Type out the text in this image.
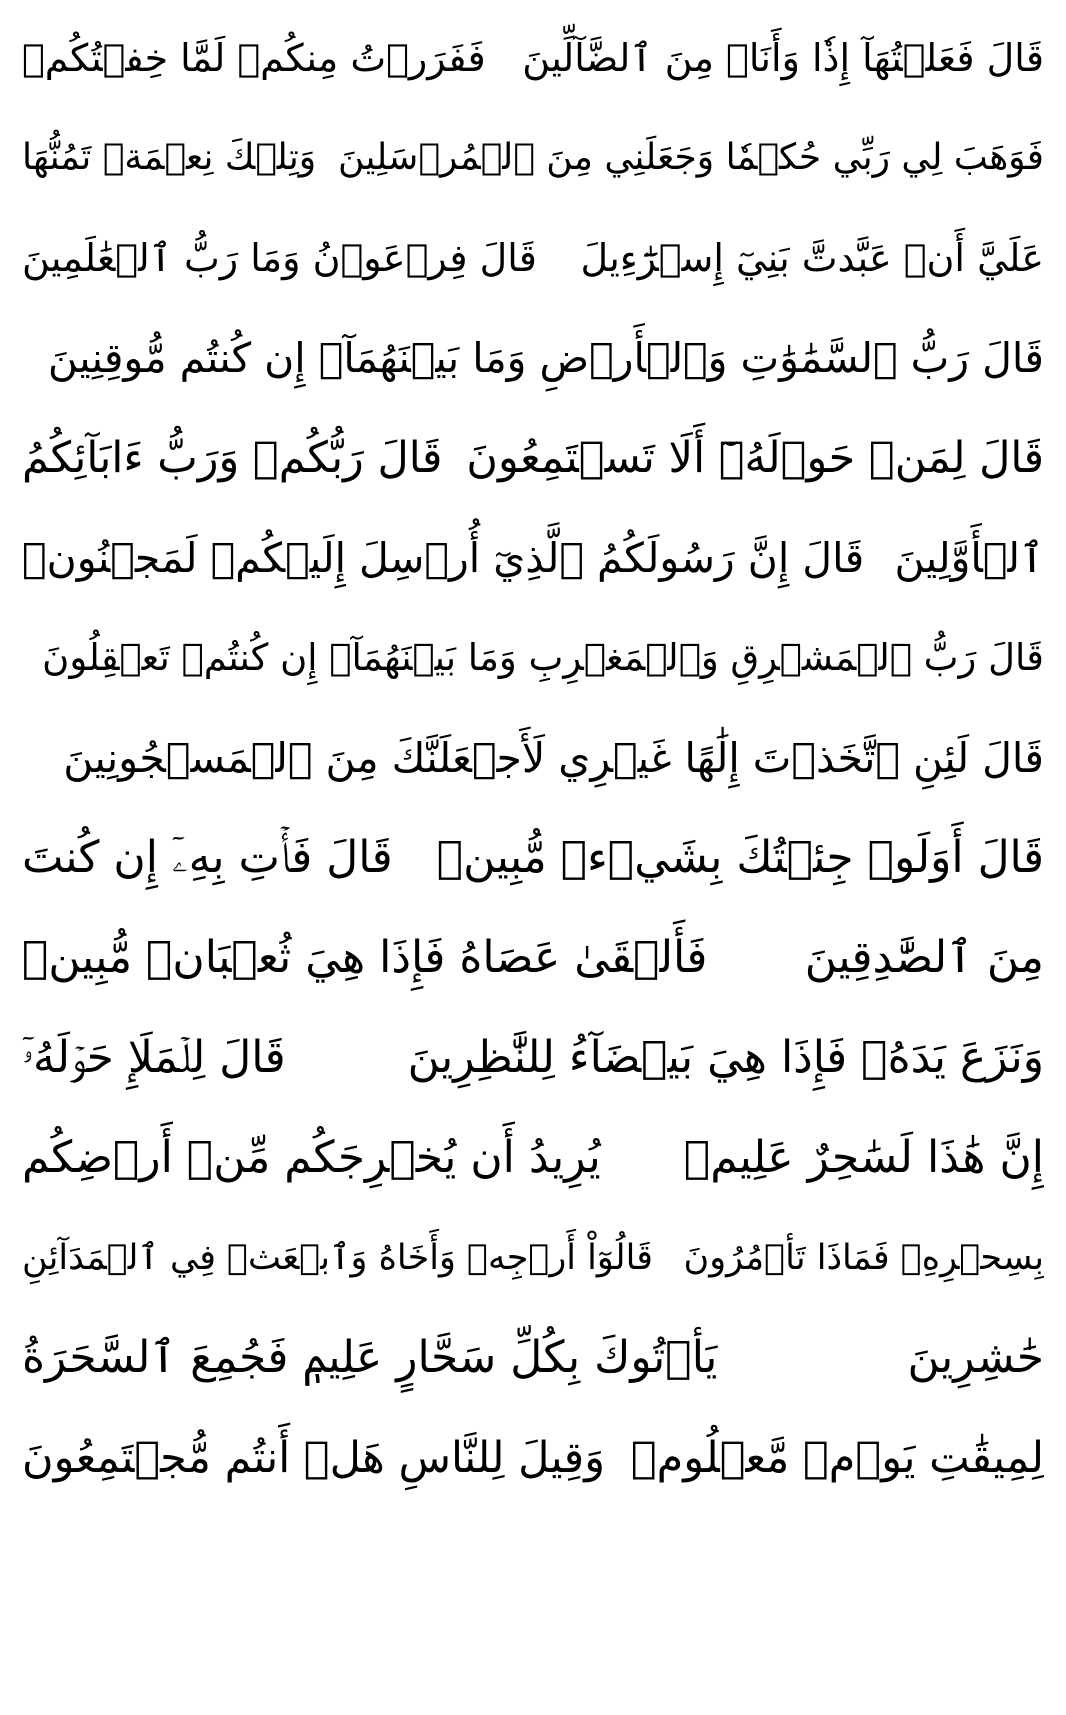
قَالَ فَعَلۡتُهَآ إِذٗا وَأَنَا۠ مِنَ ٱلضَّآلِّينَ
فَفَرَرۡتُ مِنكُمۡ لَمَّا خِفۡتُكُمۡ
فَوَهَبَ لِي رَبِّي حُكۡمٗا وَجَعَلَنِي مِنَ ٱلۡمُرۡسَلِينَ
وَتِلۡكَ نِعۡمَةٞ تَمُنُّهَا
عَلَيَّ أَنۡ عَبَّدتَّ بَنِيٓ إِسۡرَٰٓءِيلَ
قَالَ فِرۡعَوۡنُ وَمَا رَبُّ ٱلۡعَٰلَمِينَ
قَالَ رَبُّ ٱلسَّمَٰوَٰتِ وَٱلۡأَرۡضِ وَمَا بَيۡنَهُمَآۖ إِن كُنتُم مُّوقِنِينَ
قَالَ لِمَنۡ حَوۡلَهُۥٓ أَلَا تَسۡتَمِعُونَ
قَالَ رَبُّكُمۡ وَرَبُّ ءَابَآئِكُمُ
ٱلۡأَوَّلِينَ
قَالَ إِنَّ رَسُولَكُمُ ٱلَّذِيٓ أُرۡسِلَ إِلَيۡكُمۡ لَمَجۡنُونٞ
قَالَ رَبُّ ٱلۡمَشۡرِقِ وَٱلۡمَغۡرِبِ وَمَا بَيۡنَهُمَآۖ إِن كُنتُمۡ تَعۡقِلُونَ
قَالَ لَئِنِ ٱتَّخَذۡتَ إِلَٰهًا غَيۡرِي لَأَجۡعَلَنَّكَ مِنَ ٱلۡمَسۡجُونِينَ
قَالَ أَوَلَوۡ جِئۡتُكَ بِشَيۡءٖ مُّبِينٖ
قَالَ فَأۡتِ بِهِۦٓ إِن كُنتَ
مِنَ ٱلصَّٰدِقِينَ
فَأَلۡقَىٰ عَصَاهُ فَإِذَا هِيَ ثُعۡبَانٞ مُّبِينٞ
وَنَزَعَ يَدَهُۥ فَإِذَا هِيَ بَيۡضَآءُ لِلنَّٰظِرِينَ
قَالَ لِلۡمَلَإِ حَوۡلَهُۥٓ
إِنَّ هَٰذَا لَسَٰحِرٌ عَلِيمٞ
يُرِيدُ أَن يُخۡرِجَكُم مِّنۡ أَرۡضِكُم
بِسِحۡرِهِۦ فَمَاذَا تَأۡمُرُونَ
قَالُوٓاْ أَرۡجِهۡ وَأَخَاهُ وَٱبۡعَثۡ فِي ٱلۡمَدَآئِنِ
حَٰشِرِينَ
يَأۡتُوكَ بِكُلِّ سَحَّارٍ عَلِيمٖ فَجُمِعَ ٱلسَّحَرَةُ
لِمِيقَٰتِ يَوۡمٖ مَّعۡلُومٖ
وَقِيلَ لِلنَّاسِ هَلۡ أَنتُم مُّجۡتَمِعُونَ
